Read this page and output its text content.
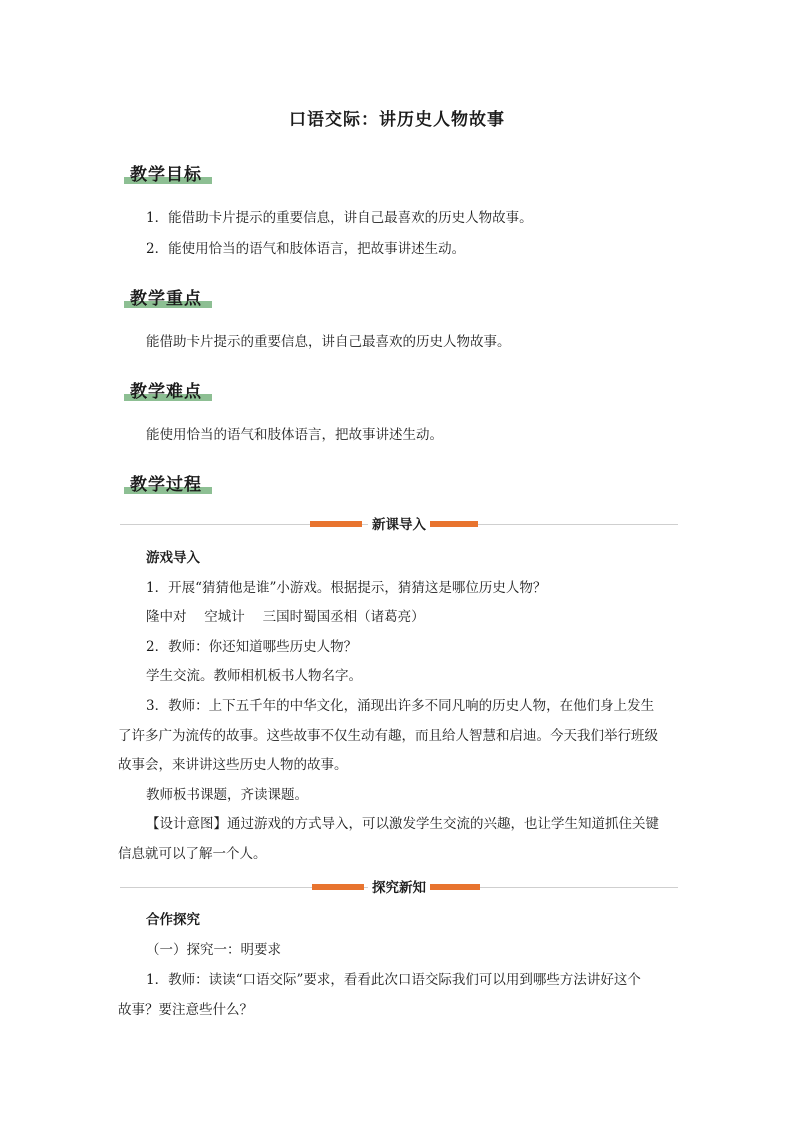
口语交际：讲历史人物故事
教学目标
1．能借助卡片提示的重要信息，讲自己最喜欢的历史人物故事。
2．能使用恰当的语气和肢体语言，把故事讲述生动。
教学重点
能借助卡片提示的重要信息，讲自己最喜欢的历史人物故事。
教学难点
能使用恰当的语气和肢体语言，把故事讲述生动。
教学过程
新课导入
游戏导入
1．开展“猜猜他是谁”小游戏。根据提示，猜猜这是哪位历史人物？
隆中对　 空城计　 三国时蜀国丞相（诸葛亮）
2．教师：你还知道哪些历史人物？
学生交流。教师相机板书人物名字。
3．教师：上下五千年的中华文化，涌现出许多不同凡响的历史人物，在他们身上发生
了许多广为流传的故事。这些故事不仅生动有趣，而且给人智慧和启迪。今天我们举行班级
故事会，来讲讲这些历史人物的故事。
教师板书课题，齐读课题。
【设计意图】通过游戏的方式导入，可以激发学生交流的兴趣，也让学生知道抓住关键
信息就可以了解一个人。
探究新知
合作探究
（一）探究一：明要求
1．教师：读读“口语交际”要求，看看此次口语交际我们可以用到哪些方法讲好这个
故事？要注意些什么？
